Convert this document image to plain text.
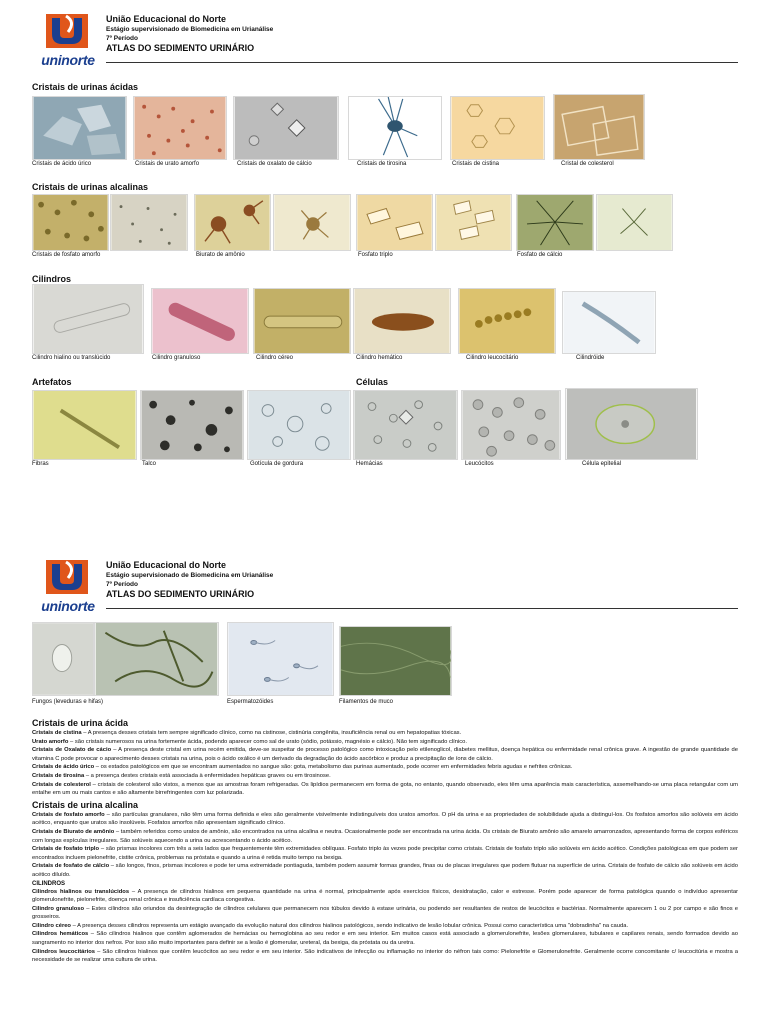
uninorte
União Educacional do Norte
Estágio supervisionado de Biomedicina em Urianálise
7º Período
ATLAS DO SEDIMENTO URINÁRIO
Cristais de urinas ácidas
Cristais de ácido úrico	Cristais de urato amorfo	Cristais de oxalato de cálcio	Cristais de tirosina	Cristais de cistina	Cristal de colesterol
Cristais de urinas alcalinas
Cristais de fosfato amorfo	Biurato de amônio	Fosfato triplo	Fosfato de cálcio
Cilindros
Cilindro hialino ou translúcido	Cilindro granuloso	Cilindro céreo	Cilindro hemático	Cilindro leucocitário	Cilindróide
Artefatos
Fibras	Talco	Gotícula de gordura
Células
Hemácias	Leucócitos	Célula epitelial
uninorte
União Educacional do Norte
Estágio supervisionado de Biomedicina em Urianálise
7º Período
ATLAS DO SEDIMENTO URINÁRIO
Fungos (leveduras e hifas)	Espermatozóides	Filamentos de muco
Cristais de urina ácida

Cristais de cistina – A presença desses cristais tem sempre significado clínico, como na cistinose, cistinúria congênita, insuficiência renal ou em hepatopatias tóxicas.

Urato amorfo – são cristais numerosos na urina fortemente ácida, podendo aparecer como sal de urato (sódio, potássio, magnésio e cálcio). Não tem significado clínico.

Cristais de Oxalato de cácio – A presença deste cristal em urina recém emitida, deve-se suspeitar de processo patológico como intoxicação pelo etilenoglicol, diabetes mellitus, doença hepática ou enfermidade renal crônica grave. A ingestão de grande quantidade de vitamina C pode provocar o aparecimento desses cristais na urina, pois o ácido oxálico é um derivado da degradação do ácido ascórbico e produz a precipitação de íons de cálcio.

Cristais de ácido úrico – os estados patológicos em que se encontram aumentados no sangue são: gota, metabolismo das purinas aumentado, pode ocorrer em enfermidades febris agudas e nefrites crônicas.

Cristais de tirosina – a presença destes cristais está associada à enfermidades hepáticas graves ou em tirosinose.

Cristais de colesterol – cristais de colesterol são vistos, a menos que as amostras foram refrigeradas. Os lipídios permanecem em forma de gota, no entanto, quando observado, eles têm uma aparência mais característica, assemelhando-se uma placa retangular com um entalhe em um ou mais cantos e são altamente birrefringentes com luz polarizada.

Cristais de urina alcalina

Cristais de fosfato amorfo – são partículas granulares, não têm uma forma definida e eles são geralmente visivelmente indistinguíveis dos uratos amorfos. O pH da urina e as propriedades de solubilidade ajuda a distinguí-los. Os fosfatos amorfos são solúveis em ácido acético, enquanto que uratos são insolúveis. Fosfatos amorfos não apresentam significado clínico.

Cristais de Biurato de amônio – também referidos como uratos de amônio, são encontrados na urina alcalina e neutra. Ocasionalmente pode ser encontrada na urina ácida. Os cristais de Biurato amônio são amarelo amarronzados, apresentando forma de corpos esféricos com longas espículas irregulares. São solúveis aquecendo a urina ou acrescentando o ácido acético.

Cristais de fosfato triplo – são prismas incolores com três a seis lados que frequentemente têm extremidades oblíquas. Fosfato triplo às vezes pode precipitar como cristais. Cristais de fosfato triplo são solúveis em ácido acético. Condições patológicas em que podem ser encontrados incluem pielonefrite, cistite crônica, problemas na próstata e quando a urina é retida muito tempo na bexiga.

Cristais de fosfato de cálcio – são longos, finos, prismas incolores e pode ter uma extremidade pontiaguda, também podem assumir formas grandes, finas ou de placas irregulares que podem flutuar na superfície de urina. Cristais de fosfato de cálcio são solúveis em ácido acético diluído.

CILINDROS

Cilindros hialinos ou translúcidos – A presença de cilindros hialinos em pequena quantidade na urina é normal, principalmente após exercícios físicos, desidratação, calor e estresse. Porém pode aparecer de forma patológica quando o indivíduo apresentar glomerulonefrite, pielonefrite, doença renal crônica e insuficiência cardíaca congestiva.

Cilindro granuloso – Estes cilindros são oriundos da desintegração de cilindros celulares que permanecem nos túbulos devido à estase urinária, ou podendo ser resultantes de restos de leucócitos e bactérias. Normalmente aparecem 1 ou 2 por campo e são finos e grosseiros.

Cilindro céreo – A presença desses cilindros representa um estágio avançado da evolução natural dos cilindros hialinos patológicos, sendo indicativo de lesão lobular crônica. Possui como característica uma "dobradinha" na cauda.

Cilindros hemáticos – São cilindros hialinos que contêm aglomerados de hemácias ou hemoglobina ao seu redor e em seu interior. Em muitos casos está associado a glomerulonefrite, lesões glomerulares, tubulares e capilares renais, sendo formados devido ao sangramento no interior dos nefros. Por isso são muito importantes para definir se a lesão é glomerular, ureteral, da bexiga, da próstata ou da uretra.

Cilindros leucocitários – São cilindros hialinos que contêm leucócitos ao seu redor e em seu interior. São indicativos de infecção ou inflamação no interior do néfron tais como: Pielonefrite e Glomerulonefrite. Geralmente ocorre concomitante c/ leucocitúria e mostra a necessidade de se realizar uma cultura de urina.
